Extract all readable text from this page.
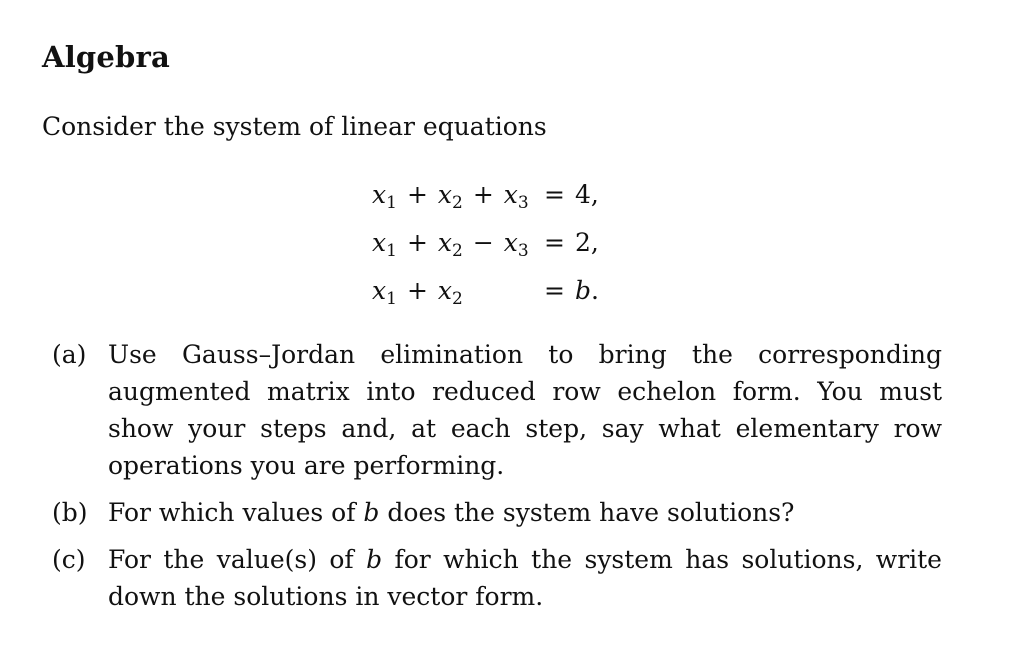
Algebra
Consider the system of linear equations
$x_1 + x_2 + x_3 = 4$,
$x_1 + x_2 - x_3 = 2$,
$x_1 + x_2$	= b.
(a) Use Gauss–Jordan elimination to bring the corresponding augmented matrix into reduced row echelon form. You must show your steps and, at each step, say what elementary row operations you are performing.
(b) For which values of b does the system have solutions?
(c) For the value(s) of b for which the system has solutions, write down the solutions in vector form.
